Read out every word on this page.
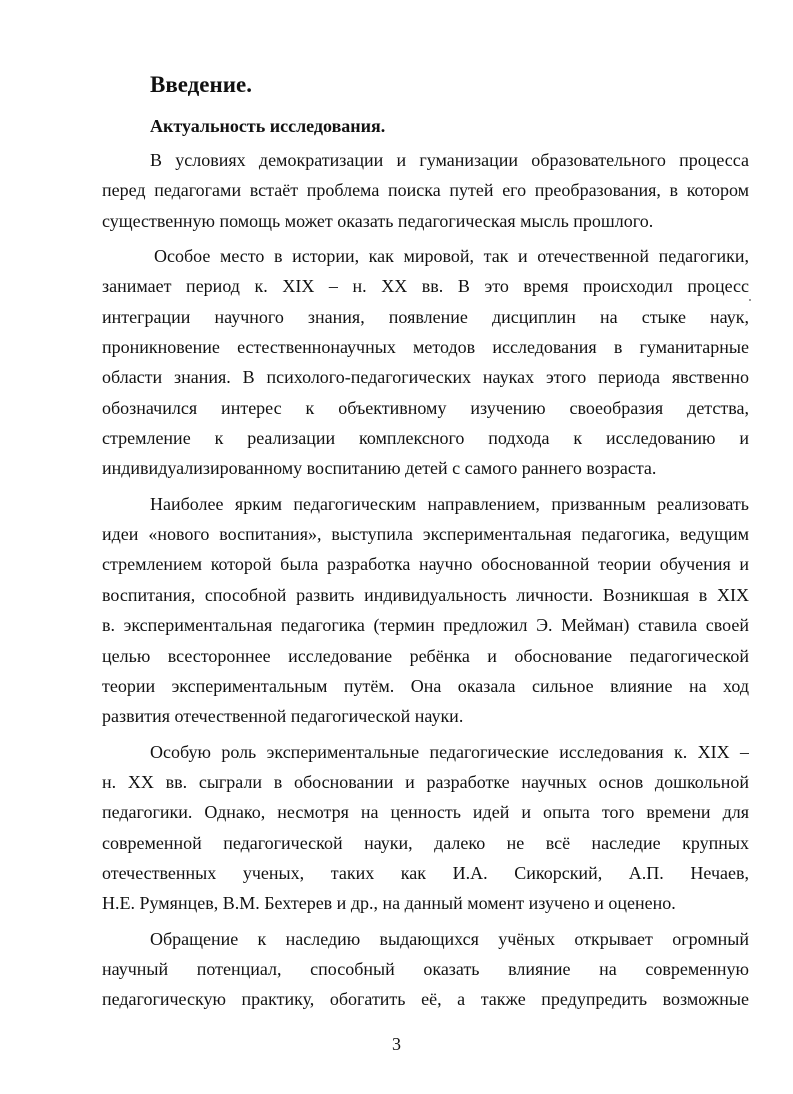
Введение.
Актуальность исследования.

В условиях демократизации и гуманизации образовательного процесса
перед педагогами встаёт проблема поиска путей его преобразования, в котором
существенную помощь может оказать педагогическая мысль прошлого.

Особое место в истории, как мировой, так и отечественной педагогики,
занимает период к. XIX – н. XX вв. В это время происходил процесс
интеграции научного знания, появление дисциплин на стыке наук,
проникновение естественнонаучных методов исследования в гуманитарные
области знания. В психолого-педагогических науках этого периода явственно
обозначился интерес к объективному изучению своеобразия детства,
стремление к реализации комплексного подхода к исследованию и
индивидуализированному воспитанию детей с самого раннего возраста.

Наиболее ярким педагогическим направлением, призванным реализовать
идеи «нового воспитания», выступила экспериментальная педагогика, ведущим
стремлением которой была разработка научно обоснованной теории обучения и
воспитания, способной развить индивидуальность личности. Возникшая в XIX
в. экспериментальная педагогика (термин предложил Э. Мейман) ставила своей
целью всестороннее исследование ребёнка и обоснование педагогической
теории экспериментальным путём. Она оказала сильное влияние на ход
развития отечественной педагогической науки.

Особую роль экспериментальные педагогические исследования к. XIX –
н. XX вв. сыграли в обосновании и разработке научных основ дошкольной
педагогики. Однако, несмотря на ценность идей и опыта того времени для
современной педагогической науки, далеко не всё наследие крупных
отечественных ученых, таких как И.А. Сикорский, А.П. Нечаев,
Н.Е. Румянцев, В.М. Бехтерев и др., на данный момент изучено и оценено.

Обращение к наследию выдающихся учёных открывает огромный
научный потенциал, способный оказать влияние на современную
педагогическую практику, обогатить её, а также предупредить возможные

3
